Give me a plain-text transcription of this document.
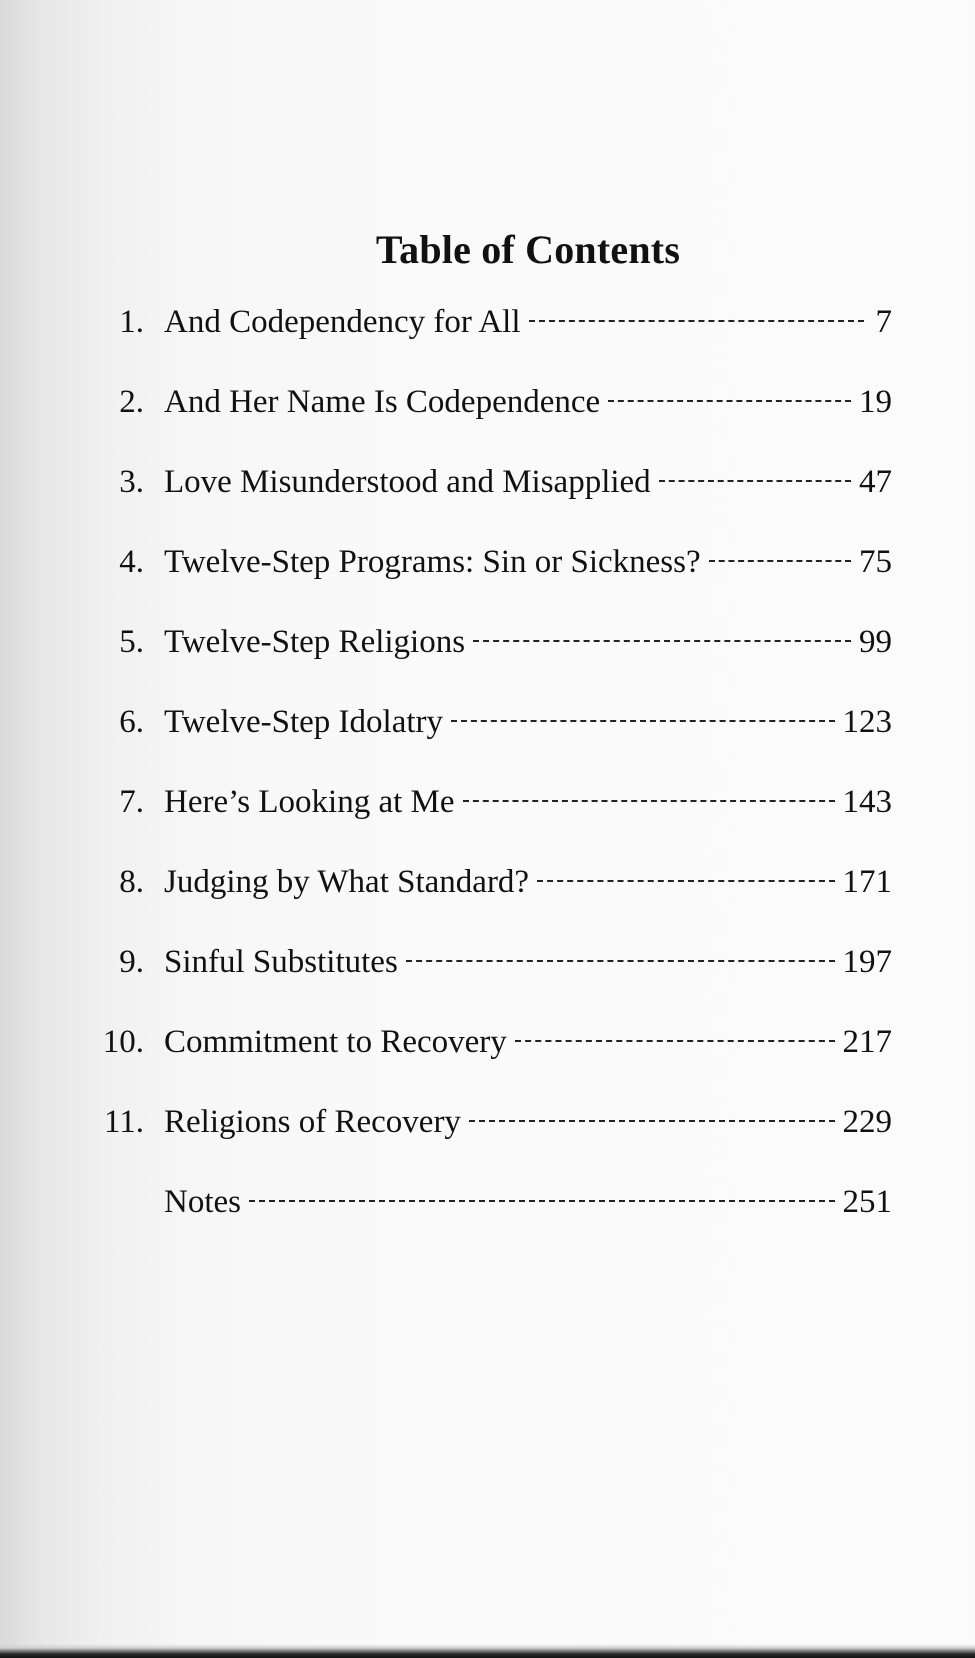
Table of Contents
1. And Codependency for All	7
2. And Her Name Is Codependence	19
3. Love Misunderstood and Misapplied	47
4. Twelve-Step Programs: Sin or Sickness?	75
5. Twelve-Step Religions	99
6. Twelve-Step Idolatry	123
7. Here’s Looking at Me	143
8. Judging by What Standard?	171
9. Sinful Substitutes	197
10. Commitment to Recovery	217
11. Religions of Recovery	229
Notes	251
